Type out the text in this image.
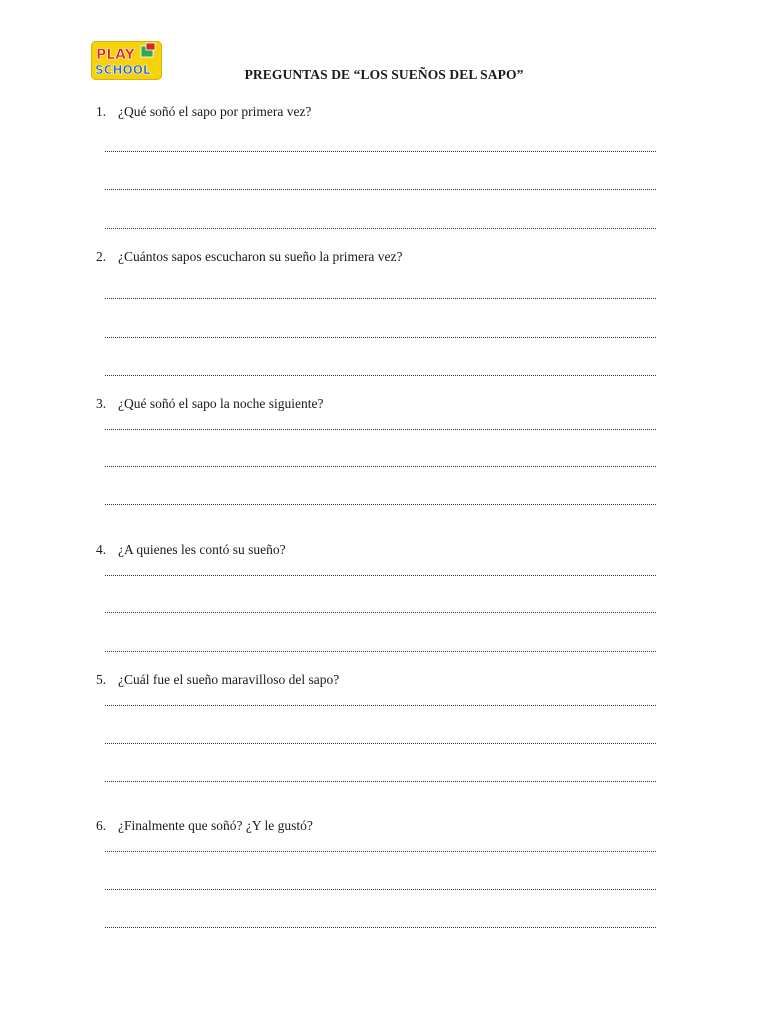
PLAY
SCHOOL	PREGUNTAS DE “LOS SUEÑOS DEL SAPO”
1. ¿Qué soñó el sapo por primera vez?
2. ¿Cuántos sapos escucharon su sueño la primera vez?
3. ¿Qué soñó el sapo la noche siguiente?
4. ¿A quienes les contó su sueño?
5. ¿Cuál fue el sueño maravilloso del sapo?
6. ¿Finalmente que soñó? ¿Y le gustó?
